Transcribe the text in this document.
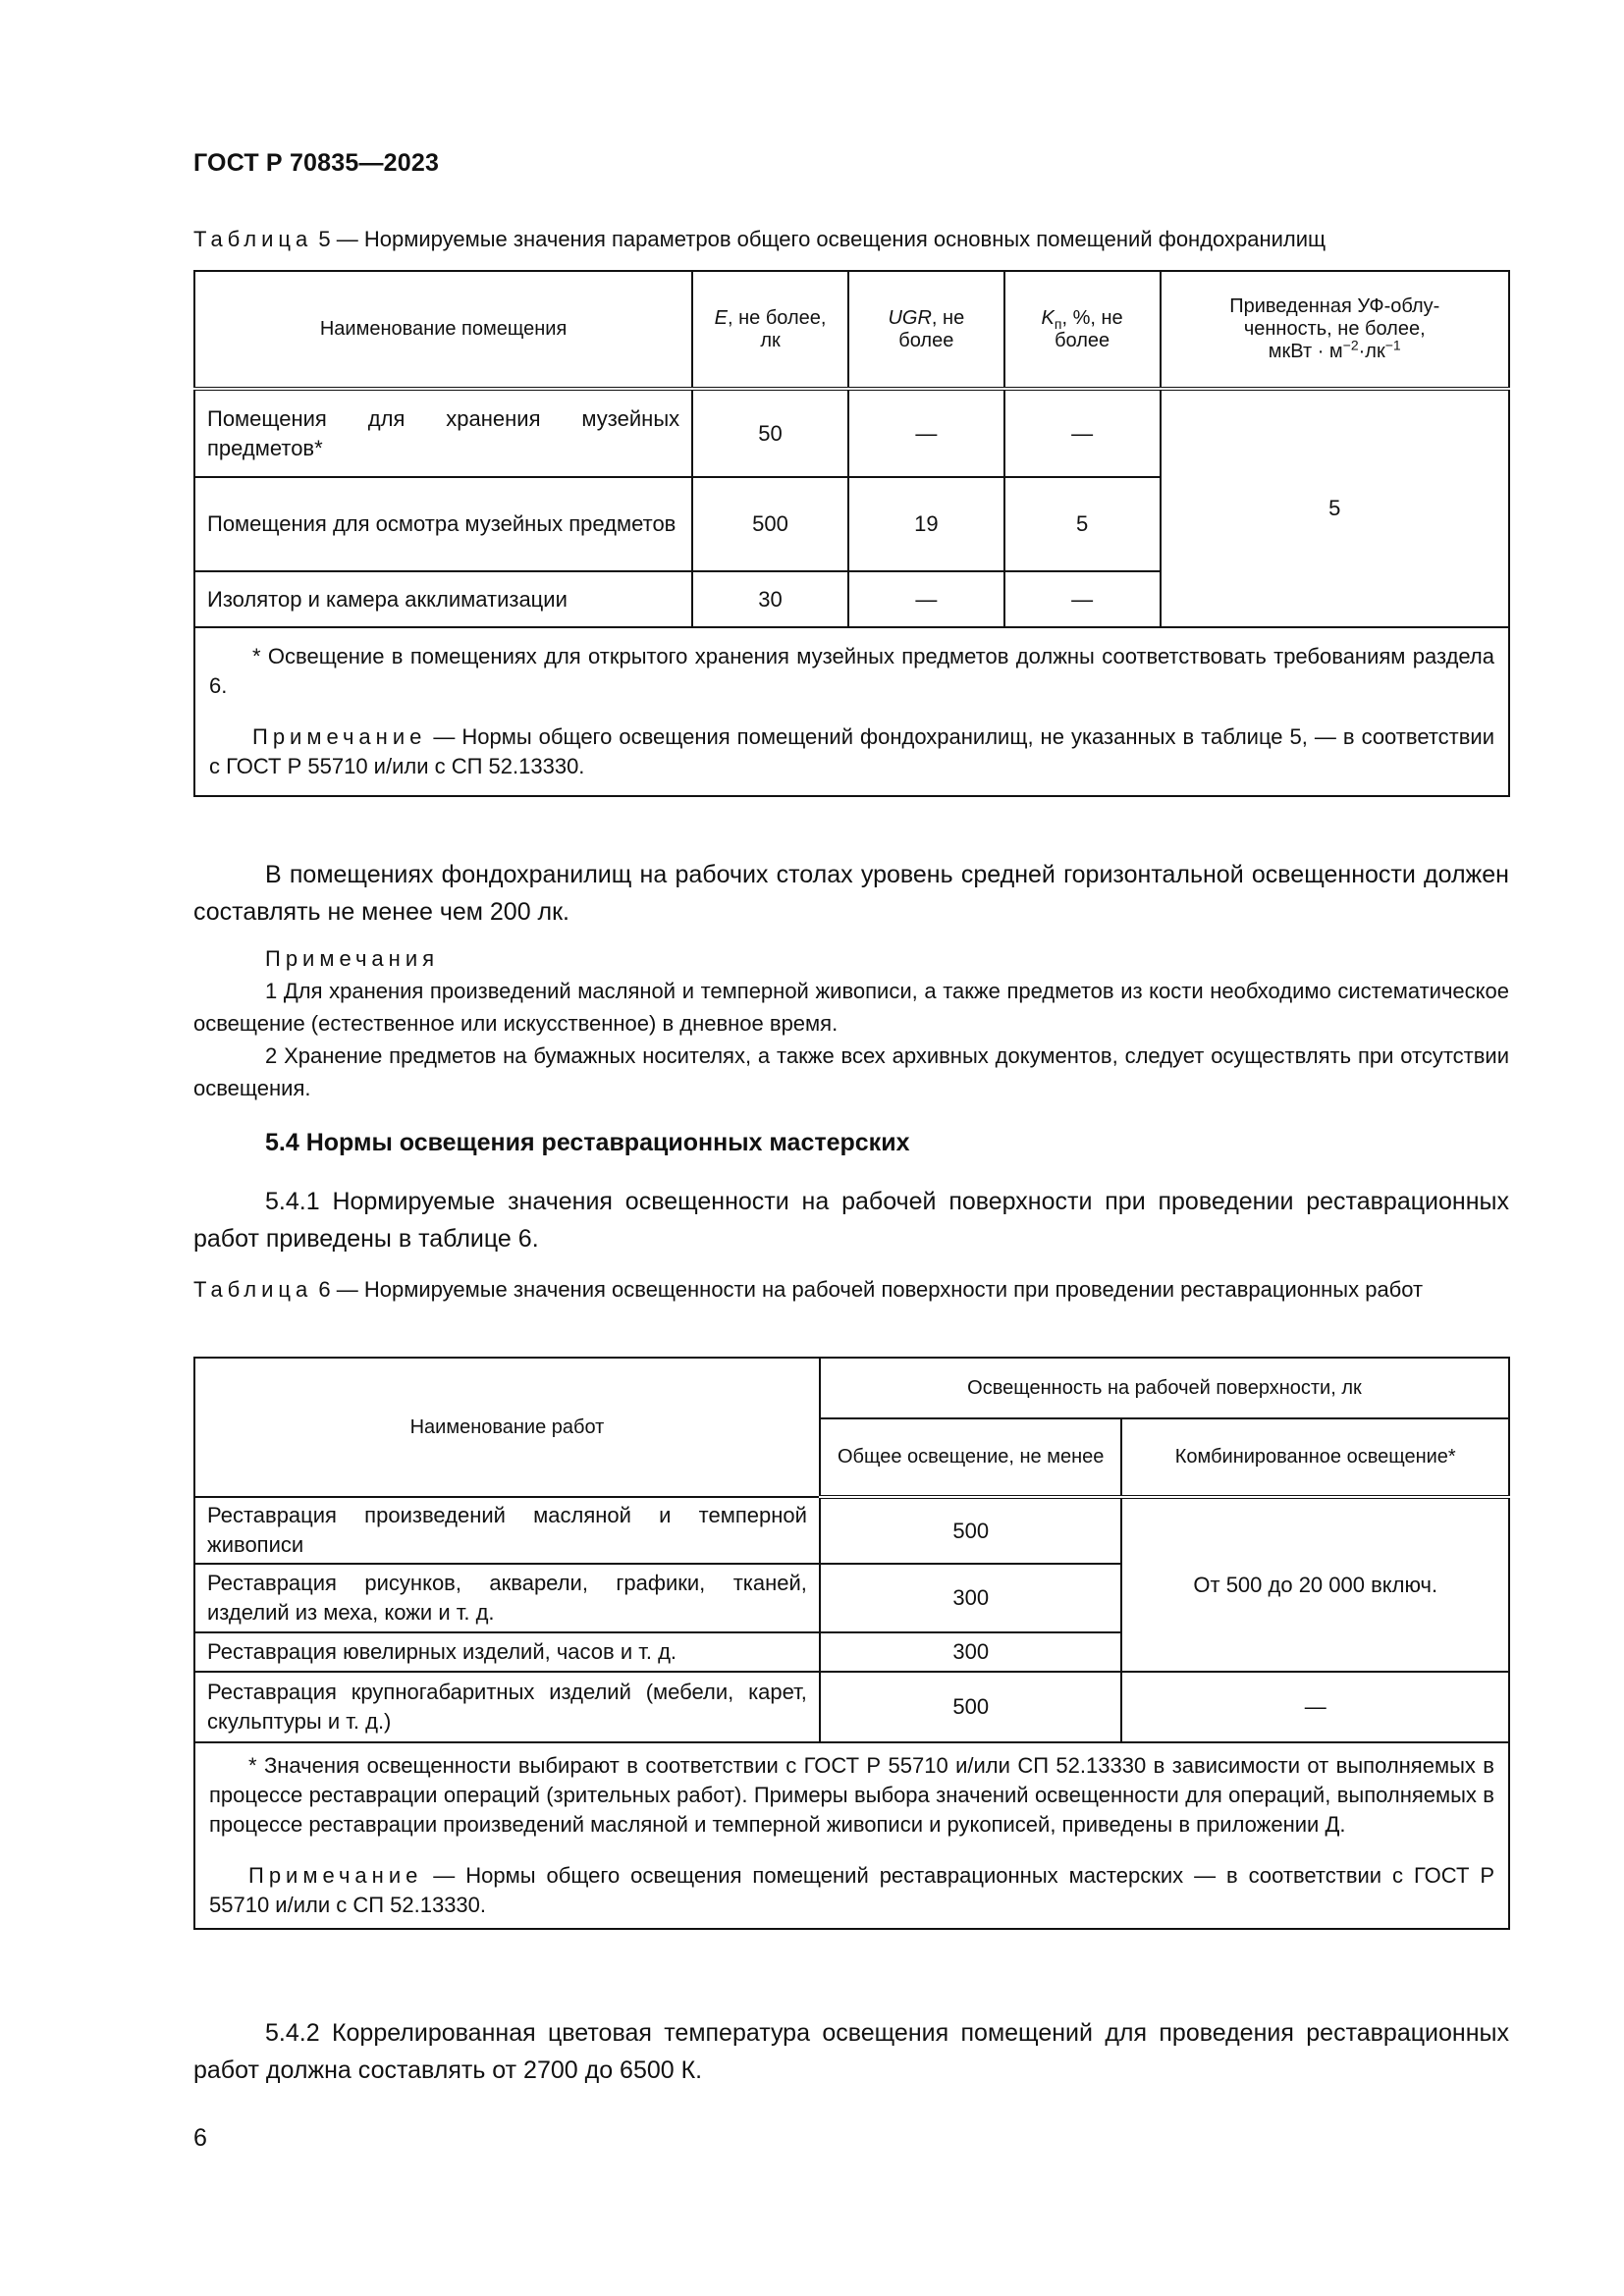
ГОСТ Р 70835—2023
Таблица 5 — Нормируемые значения параметров общего освещения основных помещений фондохранилищ
Наименование помещения	E, не более, лк	UGR, не более	$K_п$, %, не более	Приведенная УФ-облу-
ченность, не более,
мкВт · $м^{-2}\cdot лк^{-1}$

Помещения для хранения музейных предметов*	50	—	—	5
Помещения для осмотра музейных предметов	500	19	5	
Изолятор и камера акклиматизации	30	—	—	

* Освещение в помещениях для открытого хранения музейных предметов должны соответствовать требованиям раздела 6.

Примечание — Нормы общего освещения помещений фондохранилищ, не указанных в таблице 5, — в соответствии с ГОСТ Р 55710 и/или с СП 52.13330.				

В помещениях фондохранилищ на рабочих столах уровень средней горизонтальной освещенности должен составлять не менее чем 200 лк.
Примечания
1 Для хранения произведений масляной и темперной живописи, а также предметов из кости необходимо систематическое освещение (естественное или искусственное) в дневное время.
2 Хранение предметов на бумажных носителях, а также всех архивных документов, следует осуществлять при отсутствии освещения.
5.4 Нормы освещения реставрационных мастерских
5.4.1 Нормируемые значения освещенности на рабочей поверхности при проведении реставрационных работ приведены в таблице 6.
Таблица 6 — Нормируемые значения освещенности на рабочей поверхности при проведении реставрационных работ
Наименование работ	Освещенность на рабочей поверхности, лк	
	Общее освещение, не менее	Комбинированное освещение*
Реставрация произведений масляной и темперной живописи	500	От 500 до 20 000 включ.
Реставрация рисунков, акварели, графики, тканей, изделий из меха, кожи и т. д.	300	
Реставрация ювелирных изделий, часов и т. д.	300	
Реставрация крупногабаритных изделий (мебели, карет, скульптуры и т. д.)	500	—

* Значения освещенности выбирают в соответствии с ГОСТ Р 55710 и/или СП 52.13330 в зависимости от выполняемых в процессе реставрации операций (зрительных работ). Примеры выбора значений освещенности для операций, выполняемых в процессе реставрации произведений масляной и темперной живописи и рукописей, приведены в приложении Д.

Примечание — Нормы общего освещения помещений реставрационных мастерских — в соответствии с ГОСТ Р 55710 и/или с СП 52.13330.		

5.4.2 Коррелированная цветовая температура освещения помещений для проведения реставрационных работ должна составлять от 2700 до 6500 К.
6
